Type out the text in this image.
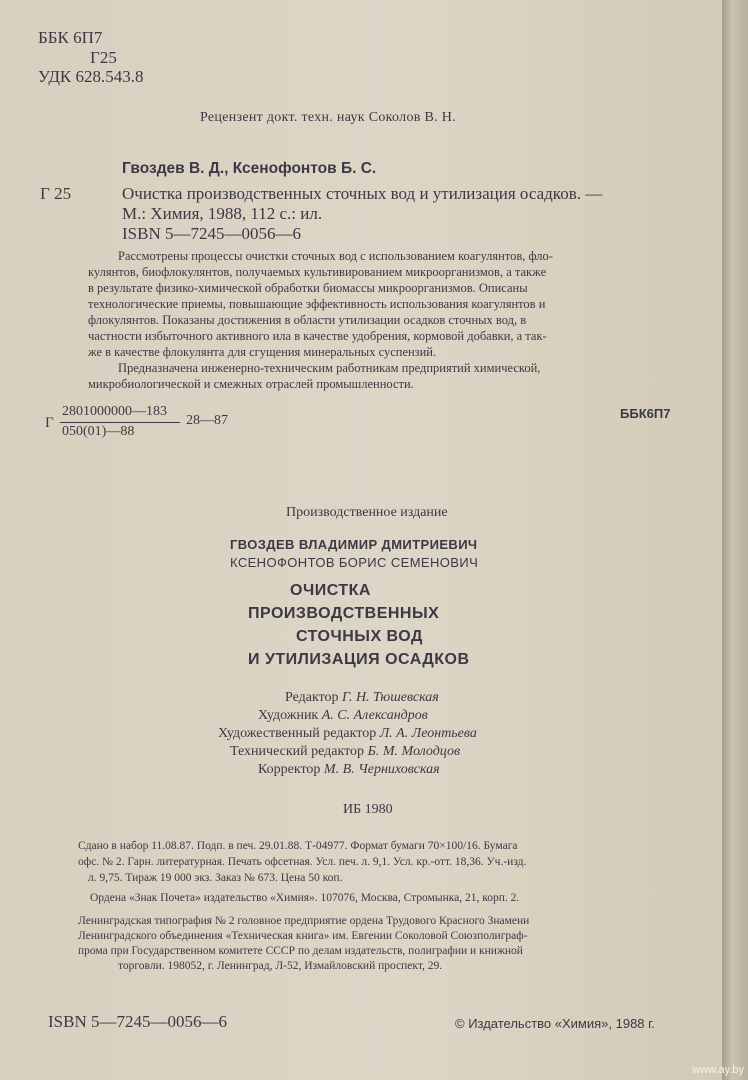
ББК 6П7
Г25
УДК 628.543.8
Рецензент докт. техн. наук Соколов В. Н.
Гвоздев В. Д., Ксенофонтов Б. С.
Г 25	Очистка производственных сточных вод и утилизация осадков. —
М.: Химия, 1988, 112 с.: ил.
ISBN 5—7245—0056—6
Рассмотрены процессы очистки сточных вод с использованием коагулянтов, фло-
кулянтов, биофлокулянтов, получаемых культивированием микроорганизмов, а также
в результате физико-химической обработки биомассы микроорганизмов. Описаны
технологические приемы, повышающие эффективность использования коагулянтов и
флокулянтов. Показаны достижения в области утилизации осадков сточных вод, в
частности избыточного активного ила в качестве удобрения, кормовой добавки, а так-
же в качестве флокулянта для сгущения минеральных суспензий.
Предназначена инженерно-техническим работникам предприятий химической,
микробиологической и смежных отраслей промышленности.
Г
2801000000—183
050(01)—88
28—87	ББК6П7
Производственное издание
ГВОЗДЕВ ВЛАДИМИР ДМИТРИЕВИЧ
КСЕНОФОНТОВ БОРИС СЕМЕНОВИЧ
ОЧИСТКА
ПРОИЗВОДСТВЕННЫХ
СТОЧНЫХ ВОД
И УТИЛИЗАЦИЯ ОСАДКОВ
Редактор Г. Н. Тюшевская
Художник А. С. Александров
Художественный редактор Л. А. Леонтьева
Технический редактор Б. М. Молодцов
Корректор М. В. Черниховская
ИБ 1980
Сдано в набор 11.08.87. Подп. в печ. 29.01.88. Т-04977. Формат бумаги 70×100/16. Бумага
офс. № 2. Гарн. литературная. Печать офсетная. Усл. печ. л. 9,1. Усл. кр.-отт. 18,36. Уч.-изд.
л. 9,75. Тираж 19 000 экз. Заказ № 673. Цена 50 коп.
Ордена «Знак Почета» издательство «Химия». 107076, Москва, Стромынка, 21, корп. 2.
Ленинградская типография № 2 головное предприятие ордена Трудового Красного Знамени
Ленинградского объединения «Техническая книга» им. Евгении Соколовой Союзполиграф-
прома при Государственном комитете СССР по делам издательств, полиграфии и книжной
торговли. 198052, г. Ленинград, Л-52, Измайловский проспект, 29.
ISBN 5—7245—0056—6	© Издательство «Химия», 1988 г.
www.ay.by
